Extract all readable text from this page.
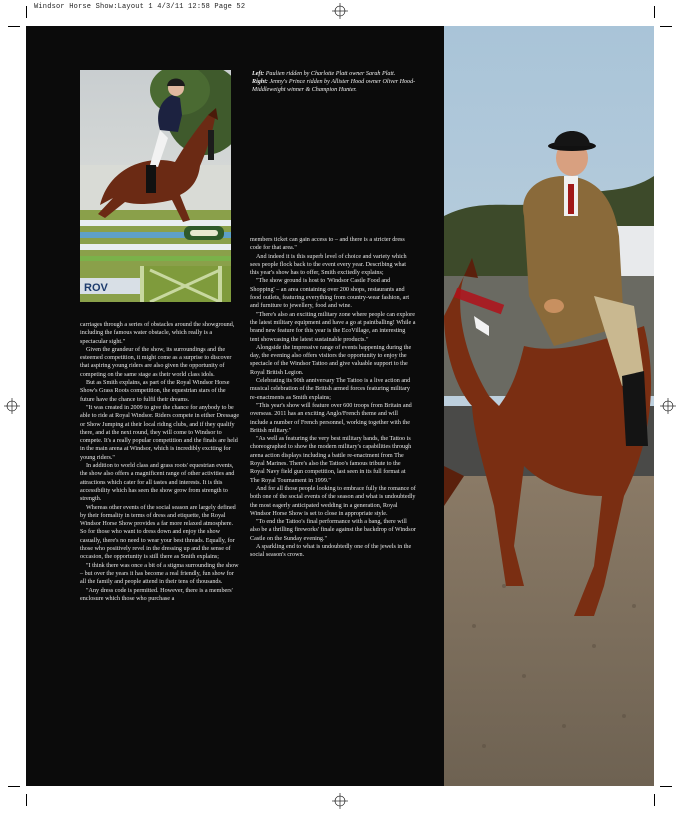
Windsor Horse Show:Layout 1 4/3/11 12:58 Page 52
ROV
Left: Paulien ridden by Charlotte Platt owner Sarah Platt.
Right: Jenny's Prince ridden by Allister Hood owner Oliver Hood- Middleweight winner & Champion Hunter.

carriages through a series of obstacles around the showground, including the famous water obstacle, which really is a spectacular sight."

Given the grandeur of the show, its surroundings and the esteemed competition, it might come as a surprise to discover that aspiring young riders are also given the opportunity of competing on the same stage as their world class idols.

But as Smith explains, as part of the Royal Windsor Horse Show's Grass Roots competition, the equestrian stars of the future have the chance to fulfil their dreams.

"It was created in 2009 to give the chance for anybody to be able to ride at Royal Windsor. Riders compete in either Dressage or Show Jumping at their local riding clubs, and if they qualify there, and at the next round, they will come to Windsor to compete. It's a really popular competition and the finals are held in the main arena at Windsor, which is incredibly exciting for young riders."

In addition to world class and grass roots' equestrian events, the show also offers a magnificent range of other activities and attractions which cater for all tastes and interests. It is this accessibility which has seen the show grow from strength to strength.

Whereas other events of the social season are largely defined by their formality in terms of dress and etiquette, the Royal Windsor Horse Show provides a far more relaxed atmosphere. So for those who want to dress down and enjoy the show casually, there's no need to wear your best threads. Equally, for those who positively revel in the dressing up and the sense of occasion, the opportunity is still there as Smith explains;

"I think there was once a bit of a stigma surrounding the show – but over the years it has become a real friendly, fun show for all the family and people attend in their tens of thousands.

"Any dress code is permitted. However, there is a members' enclosure which those who purchase a

members ticket can gain access to – and there is a stricter dress code for that area."

And indeed it is this superb level of choice and variety which sees people flock back to the event every year. Describing what this year's show has to offer, Smith excitedly explains;

"The show ground is host to 'Windsor Castle Food and Shopping' – an area containing over 200 shops, restaurants and food outlets, featuring everything from country-wear fashion, art and furniture to jewellery, food and wine.

"There's also an exciting military zone where people can explore the latest military equipment and have a go at paintballing! While a brand new feature for this year is the EcoVillage, an interesting tent showcasing the latest sustainable products."

Alongside the impressive range of events happening during the day, the evening also offers visitors the opportunity to enjoy the spectacle of the Windsor Tattoo and give valuable support to the Royal British Legion.

Celebrating its 90th anniversary The Tattoo is a live action and musical celebration of the British armed forces featuring military re-enactments as Smith explains;

"This year's show will feature over 600 troops from Britain and overseas. 2011 has an exciting Anglo/French theme and will include a number of French personnel, working together with the British military."

"As well as featuring the very best military bands, the Tattoo is choreographed to show the modern military's capabilities through arena action displays including a battle re-enactment from The Royal Marines. There's also the Tattoo's famous tribute to the Royal Navy field gun competition, last seen in its full format at The Royal Tournament in 1999."

And for all those people looking to embrace fully the romance of both one of the social events of the season and what is undoubtedly the most eagerly anticipated wedding in a generation, Royal Windsor Horse Show is set to close in appropriate style.

"To end the Tattoo's final performance with a bang, there will also be a thrilling fireworks' finale against the backdrop of Windsor Castle on the Sunday evening."

A sparkling end to what is undoubtedly one of the jewels in the social season's crown.
